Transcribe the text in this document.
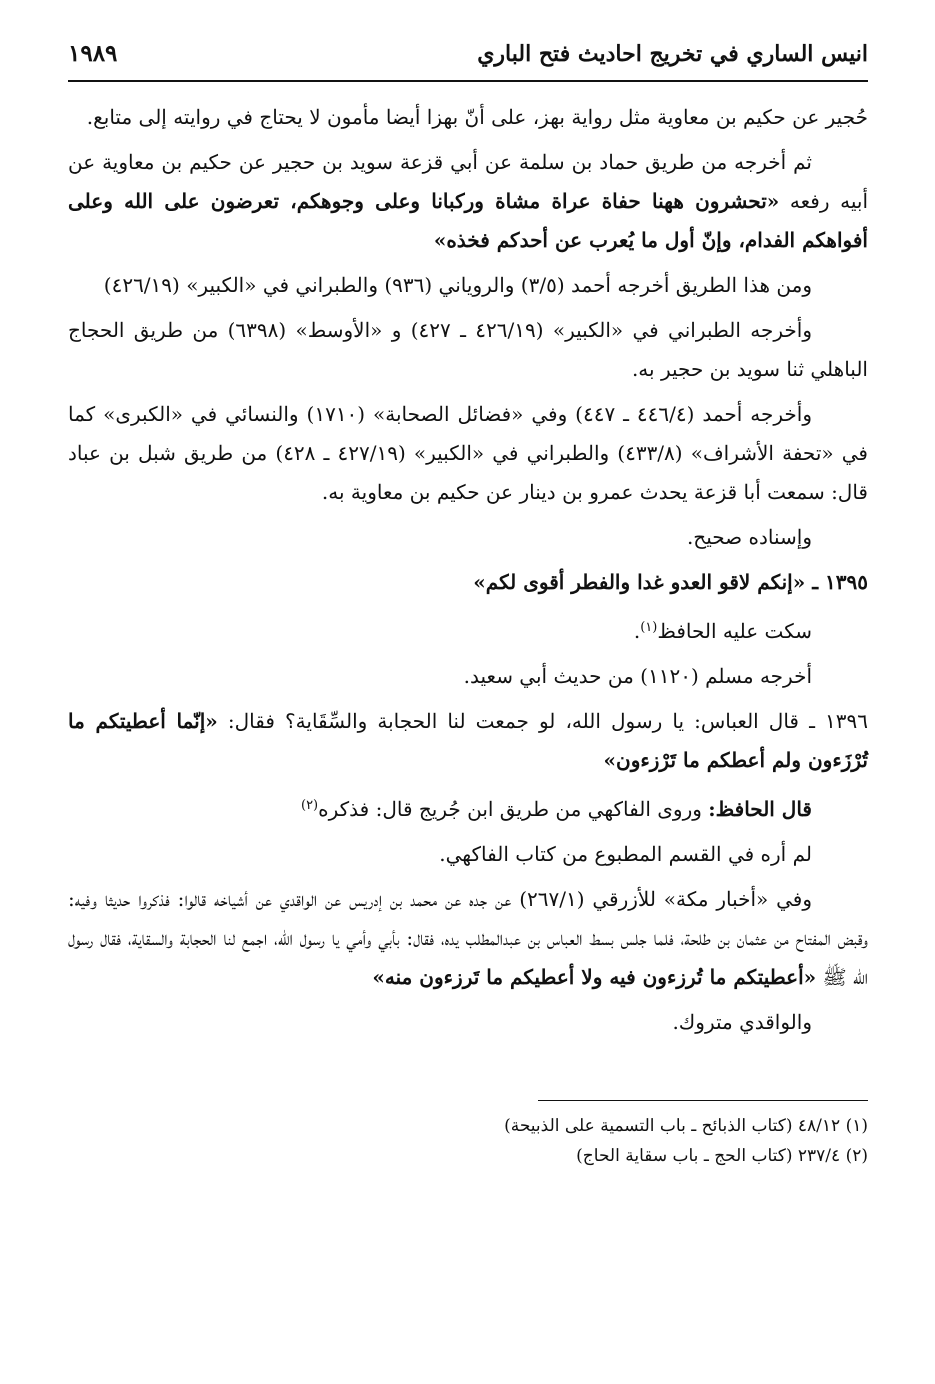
انيس الساري في تخريج احاديث فتح الباري
١٩٨٩

حُجير عن حكيم بن معاوية مثل رواية بهز، على أنّ بهزا أيضا مأمون لا يحتاج في روايته إلى متابع.

ثم أخرجه من طريق حماد بن سلمة عن أبي قزعة سويد بن حجير عن حكيم بن معاوية عن أبيه رفعه «تحشرون ههنا حفاة عراة مشاة وركبانا وعلى وجوهكم، تعرضون على الله وعلى أفواهكم الفدام، وإنّ أول ما يُعرب عن أحدكم فخذه»

ومن هذا الطريق أخرجه أحمد (٣/٥) والروياني (٩٣٦) والطبراني في «الكبير» (٤٢٦/١٩)

وأخرجه الطبراني في «الكبير» (٤٢٦/١٩ ـ ٤٢٧) و «الأوسط» (٦٣٩٨) من طريق الحجاج الباهلي ثنا سويد بن حجير به.

وأخرجه أحمد (٤٤٦/٤ ـ ٤٤٧) وفي «فضائل الصحابة» (١٧١٠) والنسائي في «الكبرى» كما في «تحفة الأشراف» (٤٣٣/٨) والطبراني في «الكبير» (٤٢٧/١٩ ـ ٤٢٨) من طريق شبل بن عباد قال: سمعت أبا قزعة يحدث عمرو بن دينار عن حكيم بن معاوية به.

وإسناده صحيح.

١٣٩٥ ـ «إنكم لاقو العدو غدا والفطر أقوى لكم»

سكت عليه الحافظ$^{(١)}$.

أخرجه مسلم (١١٢٠) من حديث أبي سعيد.

١٣٩٦ ـ قال العباس: يا رسول الله، لو جمعت لنا الحجابة والسِّقَاية؟ فقال: «إنّما أعطيتكم ما تُرْزَءون ولم أعطكم ما تَرْزءون»

قال الحافظ: وروى الفاكهي من طريق ابن جُريج قال: فذكره$^{(٢)}$

لم أره في القسم المطبوع من كتاب الفاكهي.

وفي «أخبار مكة» للأزرقي (٢٦٧/١) عن جده عن محمد بن إدريس عن الواقدي عن أشياخه قالوا: فذكروا حديثا وفيه: وقبض المفتاح من عثمان بن طلحة، فلما جلس بسط العباس بن عبدالمطلب يده، فقال: بأبي وأمي يا رسول الله، اجمع لنا الحجابة والسقاية، فقال رسول الله ﷺ «أعطيتكم ما تُرزءون فيه ولا أعطيكم ما تَرزءون منه»

والواقدي متروك.

(١) ٤٨/١٢ (كتاب الذبائح ـ باب التسمية على الذبيحة)
(٢) ٢٣٧/٤ (كتاب الحج ـ باب سقاية الحاج)
